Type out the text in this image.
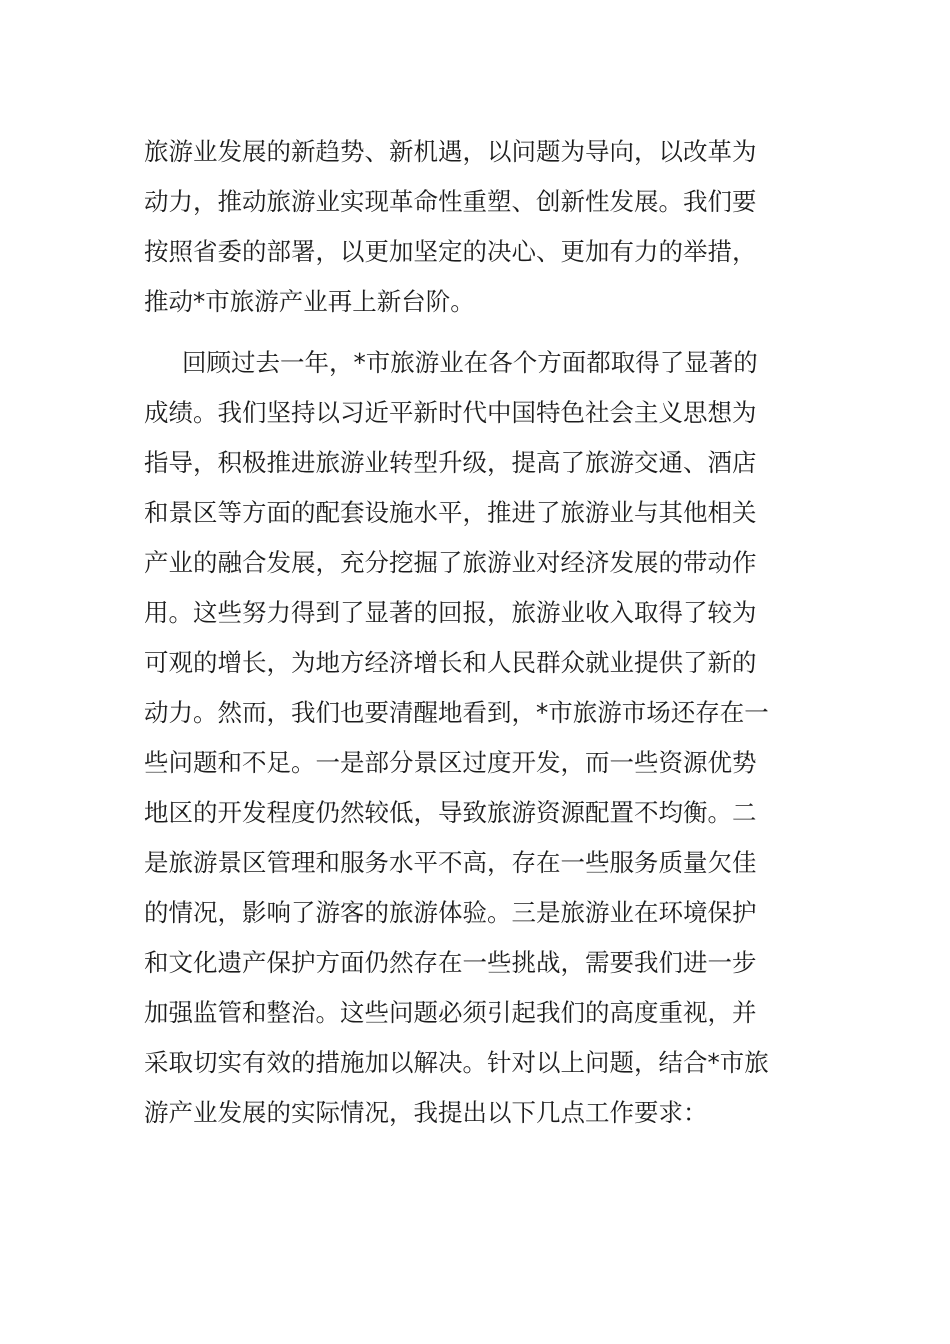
旅游业发展的新趋势、新机遇，以问题为导向，以改革为
动力，推动旅游业实现革命性重塑、创新性发展。我们要
按照省委的部署，以更加坚定的决心、更加有力的举措，
推动*市旅游产业再上新台阶。
回顾过去一年，*市旅游业在各个方面都取得了显著的
成绩。我们坚持以习近平新时代中国特色社会主义思想为
指导，积极推进旅游业转型升级，提高了旅游交通、酒店
和景区等方面的配套设施水平，推进了旅游业与其他相关
产业的融合发展，充分挖掘了旅游业对经济发展的带动作
用。这些努力得到了显著的回报，旅游业收入取得了较为
可观的增长，为地方经济增长和人民群众就业提供了新的
动力。然而，我们也要清醒地看到，*市旅游市场还存在一
些问题和不足。一是部分景区过度开发，而一些资源优势
地区的开发程度仍然较低，导致旅游资源配置不均衡。二
是旅游景区管理和服务水平不高，存在一些服务质量欠佳
的情况，影响了游客的旅游体验。三是旅游业在环境保护
和文化遗产保护方面仍然存在一些挑战，需要我们进一步
加强监管和整治。这些问题必须引起我们的高度重视，并
采取切实有效的措施加以解决。针对以上问题，结合*市旅
游产业发展的实际情况，我提出以下几点工作要求：
